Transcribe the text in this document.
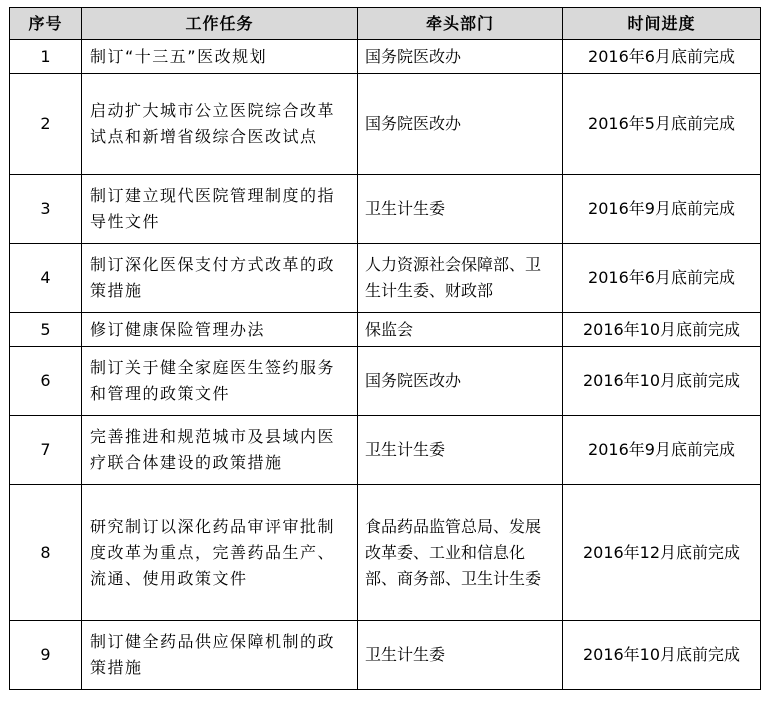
序号	工作任务	牵头部门	时间进度
1	制订“十三五”医改规划	国务院医改办	2016年6月底前完成
2	启动扩大城市公立医院综合改革试点和新增省级综合医改试点	国务院医改办	2016年5月底前完成
3	制订建立现代医院管理制度的指导性文件	卫生计生委	2016年9月底前完成
4	制订深化医保支付方式改革的政策措施	人力资源社会保障部、卫生计生委、财政部	2016年6月底前完成
5	修订健康保险管理办法	保监会	2016年10月底前完成
6	制订关于健全家庭医生签约服务和管理的政策文件	国务院医改办	2016年10月底前完成
7	完善推进和规范城市及县域内医疗联合体建设的政策措施	卫生计生委	2016年9月底前完成
8	研究制订以深化药品审评审批制度改革为重点，完善药品生产、流通、使用政策文件	食品药品监管总局、发展改革委、工业和信息化部、商务部、卫生计生委	2016年12月底前完成
9	制订健全药品供应保障机制的政策措施	卫生计生委	2016年10月底前完成
